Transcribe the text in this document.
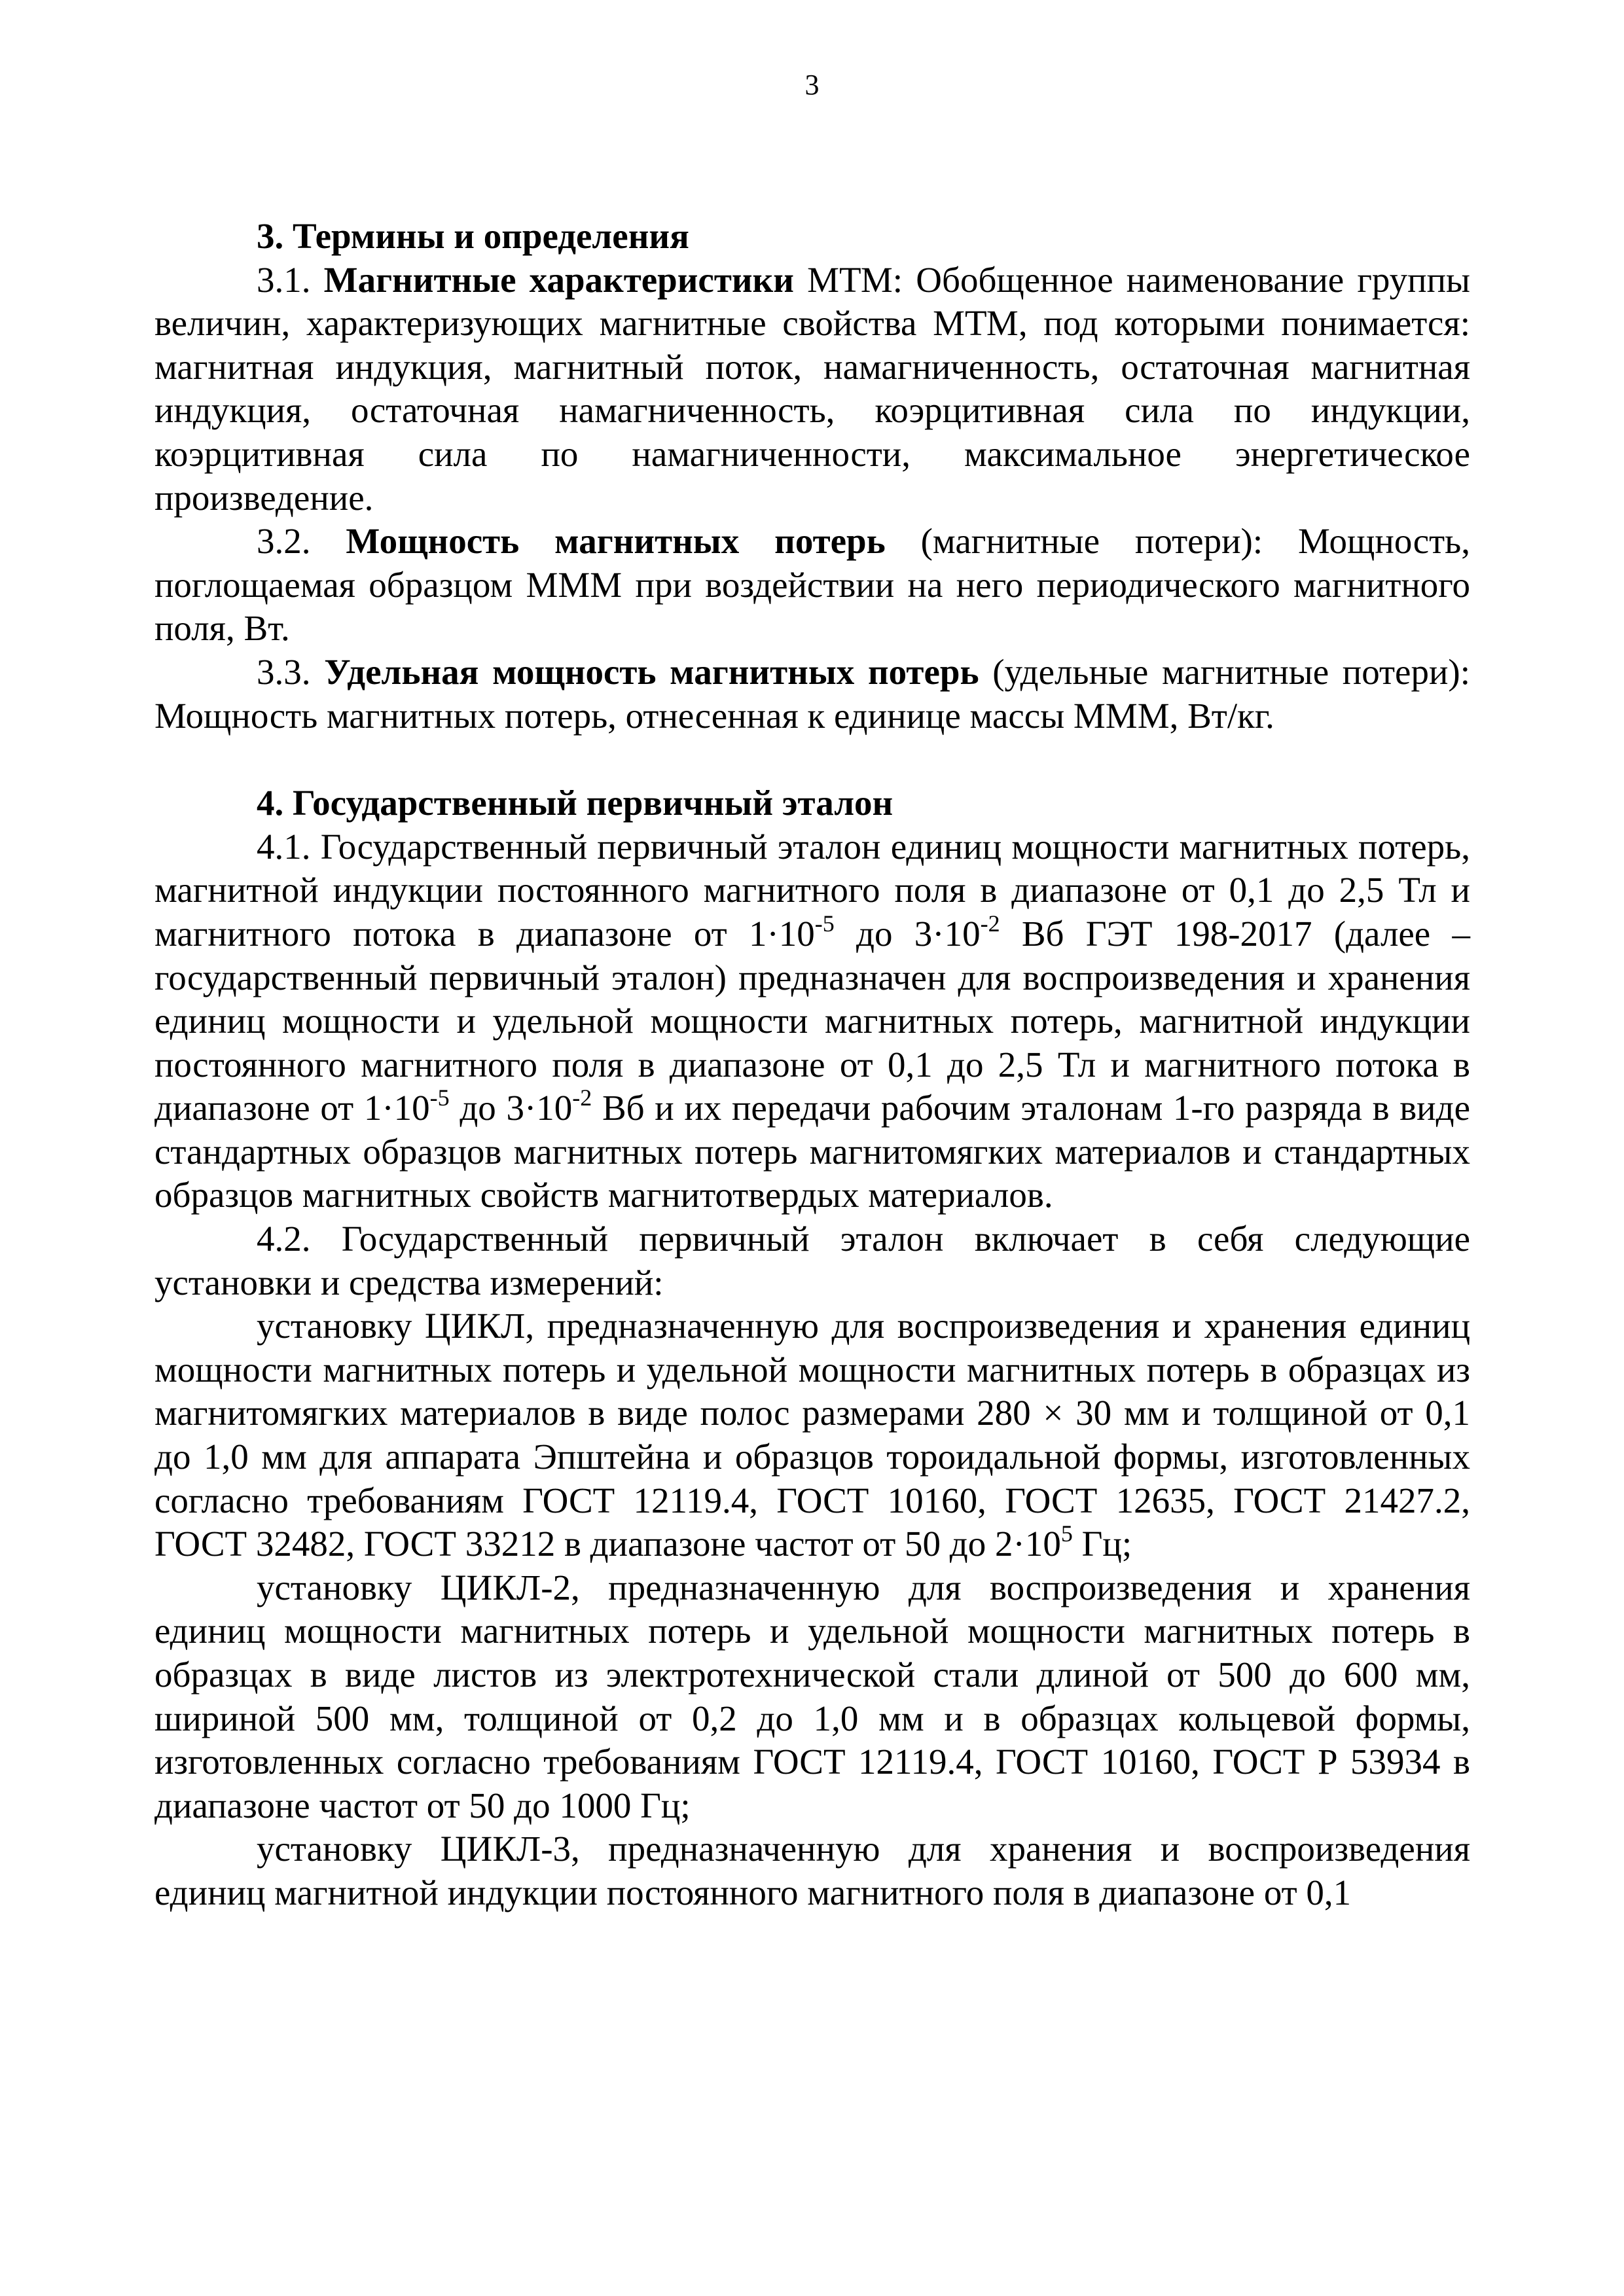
3

3. Термины и определения

3.1. Магнитные характеристики МТМ: Обобщенное наименование группы величин, характеризующих магнитные свойства МТМ, под которыми понимается: магнитная индукция, магнитный поток, намагниченность, остаточная магнитная индукция, остаточная намагниченность, коэрцитивная сила по индукции, коэрцитивная сила по намагниченности, максимальное энергетическое произведение.

3.2. Мощность магнитных потерь (магнитные потери): Мощность, поглощаемая образцом МММ при воздействии на него периодического магнитного поля, Вт.

3.3. Удельная мощность магнитных потерь (удельные магнитные потери): Мощность магнитных потерь, отнесенная к единице массы МММ, Вт/кг.

4. Государственный первичный эталон

4.1. Государственный первичный эталон единиц мощности магнитных потерь, магнитной индукции постоянного магнитного поля в диапазоне от 0,1 до 2,5 Тл и магнитного потока в диапазоне от $1\cdot 10^{-5}$ до $3\cdot 10^{-2}$ Вб ГЭТ 198-2017 (далее – государственный первичный эталон) предназначен для воспроизведения и хранения единиц мощности и удельной мощности магнитных потерь, магнитной индукции постоянного магнитного поля в диапазоне от 0,1 до 2,5 Тл и магнитного потока в диапазоне от $1\cdot 10^{-5}$ до $3\cdot 10^{-2}$ Вб и их передачи рабочим эталонам 1-го разряда в виде стандартных образцов магнитных потерь магнитомягких материалов и стандартных образцов магнитных свойств магнитотвердых материалов.

4.2. Государственный первичный эталон включает в себя следующие установки и средства измерений:

установку ЦИКЛ, предназначенную для воспроизведения и хранения единиц мощности магнитных потерь и удельной мощности магнитных потерь в образцах из магнитомягких материалов в виде полос размерами 280 × 30 мм и толщиной от 0,1 до 1,0 мм для аппарата Эпштейна и образцов тороидальной формы, изготовленных согласно требованиям ГОСТ 12119.4, ГОСТ 10160, ГОСТ 12635, ГОСТ 21427.2, ГОСТ 32482, ГОСТ 33212 в диапазоне частот от 50 до $2\cdot 10^5$ Гц;

установку ЦИКЛ-2, предназначенную для воспроизведения и хранения единиц мощности магнитных потерь и удельной мощности магнитных потерь в образцах в виде листов из электротехнической стали длиной от 500 до 600 мм, шириной 500 мм, толщиной от 0,2 до 1,0 мм и в образцах кольцевой формы, изготовленных согласно требованиям ГОСТ 12119.4, ГОСТ 10160, ГОСТ Р 53934 в диапазоне частот от 50 до 1000 Гц;

установку ЦИКЛ-3, предназначенную для хранения и воспроизведения единиц магнитной индукции постоянного магнитного поля в диапазоне от 0,1
